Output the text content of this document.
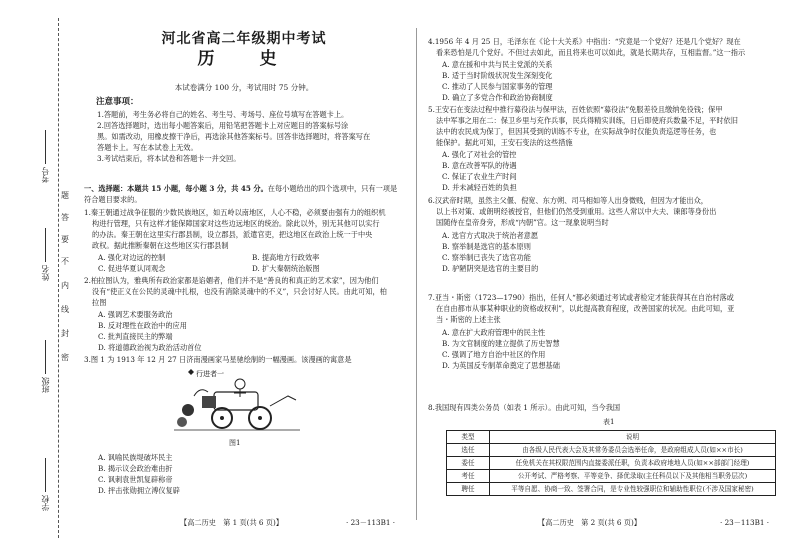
考号
姓名
班级
学校
题
答
要
不
内
线
封
密
河北省高二年级期中考试
历　史
本试卷满分 100 分，考试用时 75 分钟。
注意事项：
1.答题前，考生务必将自己的姓名、考生号、考场号、座位号填写在答题卡上。
2.回答选择题时，选出每小题答案后，用铅笔把答题卡上对应题目的答案标号涂
黑。如需改动，用橡皮擦干净后，再选涂其他答案标号。回答非选择题时，将答案写在
答题卡上。写在本试卷上无效。
3.考试结束后，将本试卷和答题卡一并交回。
一、选择题：本题共 15 小题，每小题 3 分，共 45 分。在每小题给出的四个选项中，只有一项是
符合题目要求的。
1.秦王朝通过战争征服的少数民族地区，如五岭以南地区，人心不稳，必须要由强有力的组织机
构进行管理，只有这样才能保障国家对这些边远地区的统治。除此以外，别无其他可以实行
的办法。秦王朝在这里实行郡县制，设立郡县，派遣官吏，把这地区在政治上统一于中央
政权。据此推断秦朝在这些地区实行郡县制
A. 强化对边远的控制	B. 提高地方行政效率
C. 促进华夏认同观念	D. 扩大秦朝统治版图
2.柏拉图认为，雅典所有政治家都是谄媚者，他们并不是“善良的和真正的艺术家”，因为他们
没有“使正义在公民的灵魂中扎根，也没有消除灵魂中的不义”，只会讨好人民。由此可知，柏
拉图
A. 强调艺术要服务政治
B. 反对理性在政治中的应用
C. 批判直接民主的弊端
D. 将道德政治视为政治活动首位
3.图 1 为 1913 年 12 月 27 日济南漫画家马星驰绘制的一幅漫画。该漫画的寓意是
行进者一
图1
A. 讽喻民族堤破坏民主
B. 揭示议会政治难由折
C. 讽刺袁世凯复辟称帝
D. 抨击张勋拥立溥仪复辟
【高二历史　第 1 页(共 6 页)】	· 23－113B1 ·
4.1956 年 4 月 25 日，毛泽东在《论十大关系》中指出：“究竟是一个党好？还是几个党好？现在
看来恐怕是几个党好。不但过去如此，而且将来也可以如此，就是长期共存，互相监督。”这一指示
A. 意在援和中共与民主党派的关系
B. 适于当时阶级状况发生深刻变化
C. 推动了人民参与国家事务的管理
D. 确立了多党合作和政治协商制度
5.王安石在变法过程中推行募役法与保甲法，百姓依照“募役法”免服差役且缴纳免役钱；保甲
法中军事之用在二：保卫乡里与充作兵事，民兵得精实训练，日后即使府兵数量不足，平时依旧
法中的农民成为保丁，但因其受到的训练不专业，在实际战争时仅能负责巡逻等任务，也
能保护。据此可知，王安石变法的这些措施
A. 强化了对社会的管控
B. 意在改善军队的待遇
C. 保证了农业生产时间
D. 并未减轻百姓的负担
6.汉武帝时期，虽然主父偃、倪宽、东方朔、司马相如等人出身微贱，但因为才能出众，
以上书对策、或朗明经被授官，但他们仍然受到重用。这些人常以中大夫、谏郎等身份出
国随侍在皇帝身旁，形成“内朝”官。这一现象说明当时
A. 选官方式取决于统治者意愿
B. 察举制是选官的基本原则
C. 察举制已丧失了选官功能
D. 驴陋阴突是选官的主要目的
7.亚当・斯密（1723—1790）指出，任何人“都必须通过考试或者检定才能获得其在自治村落或
在自由都市从事某种职业的资格或权利”，以此提高教育程度，改善国家的状况。由此可知，亚
当・斯密的上述主张
A. 意在扩大政府管理中的民主性
B. 为文官制度的建立提供了历史智慧
C. 强调了地方自治中社区的作用
D. 为英国反专制革命奠定了思想基础
8.我国现有四类公务员（如表 1 所示）。由此可知，当今我国
表1
类型	说明
选任	由各级人民代表大会及其常务委员会选举任命，是政府组成人员(如××市长)
委任	任免机关在其权限范围内直接委派任职，负责本政府地地人员(如××部部门经理)
考任	公开考试、严格考察、平等竞争、择优录取(主任科员以下及其他相当职务层次)
聘任	平等自愿、协商一致、签署合同，是专业性较强职位和辅助性职位(不涉及国家秘密)
【高二历史　第 2 页(共 6 页)】	· 23－113B1 ·
